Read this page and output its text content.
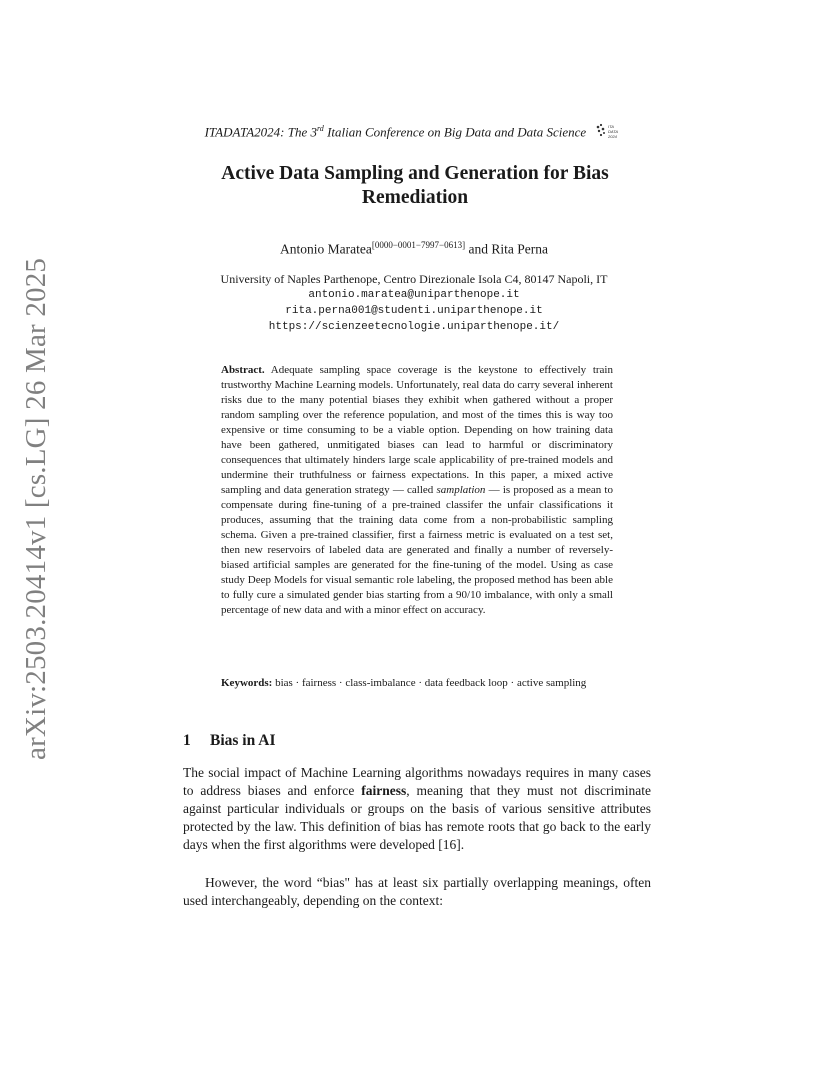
arXiv:2503.20414v1 [cs.LG] 26 Mar 2025
ITADATA2024: The 3rd Italian Conference on Big Data and Data Science	ITA
DATA
2024
Active Data Sampling and Generation for Bias Remediation
Antonio Maratea[0000−0001−7997−0613] and Rita Perna
University of Naples Parthenope, Centro Direzionale Isola C4, 80147 Napoli, IT
antonio.maratea@uniparthenope.it
rita.perna001@studenti.uniparthenope.it
https://scienzeetecnologie.uniparthenope.it/
Abstract. Adequate sampling space coverage is the keystone to effectively train trustworthy Machine Learning models. Unfortunately, real data do carry several inherent risks due to the many potential biases they exhibit when gathered without a proper random sampling over the reference population, and most of the times this is way too expensive or time consuming to be a viable option. Depending on how training data have been gathered, unmitigated biases can lead to harmful or discriminatory consequences that ultimately hinders large scale applicability of pre-trained models and undermine their truthfulness or fairness expectations. In this paper, a mixed active sampling and data generation strategy — called samplation — is proposed as a mean to compensate during fine-tuning of a pre-trained classifer the unfair classifications it produces, assuming that the training data come from a non-probabilistic sampling schema. Given a pre-trained classifier, first a fairness metric is evaluated on a test set, then new reservoirs of labeled data are generated and finally a number of reversely-biased artificial samples are generated for the fine-tuning of the model. Using as case study Deep Models for visual semantic role labeling, the proposed method has been able to fully cure a simulated gender bias starting from a 90/10 imbalance, with only a small percentage of new data and with a minor effect on accuracy.
Keywords: bias · fairness · class-imbalance · data feedback loop · active sampling
1 Bias in AI
The social impact of Machine Learning algorithms nowadays requires in many cases to address biases and enforce fairness, meaning that they must not discriminate against particular individuals or groups on the basis of various sensitive attributes protected by the law. This definition of bias has remote roots that go back to the early days when the first algorithms were developed [16].
However, the word “bias" has at least six partially overlapping meanings, often used interchangeably, depending on the context:
